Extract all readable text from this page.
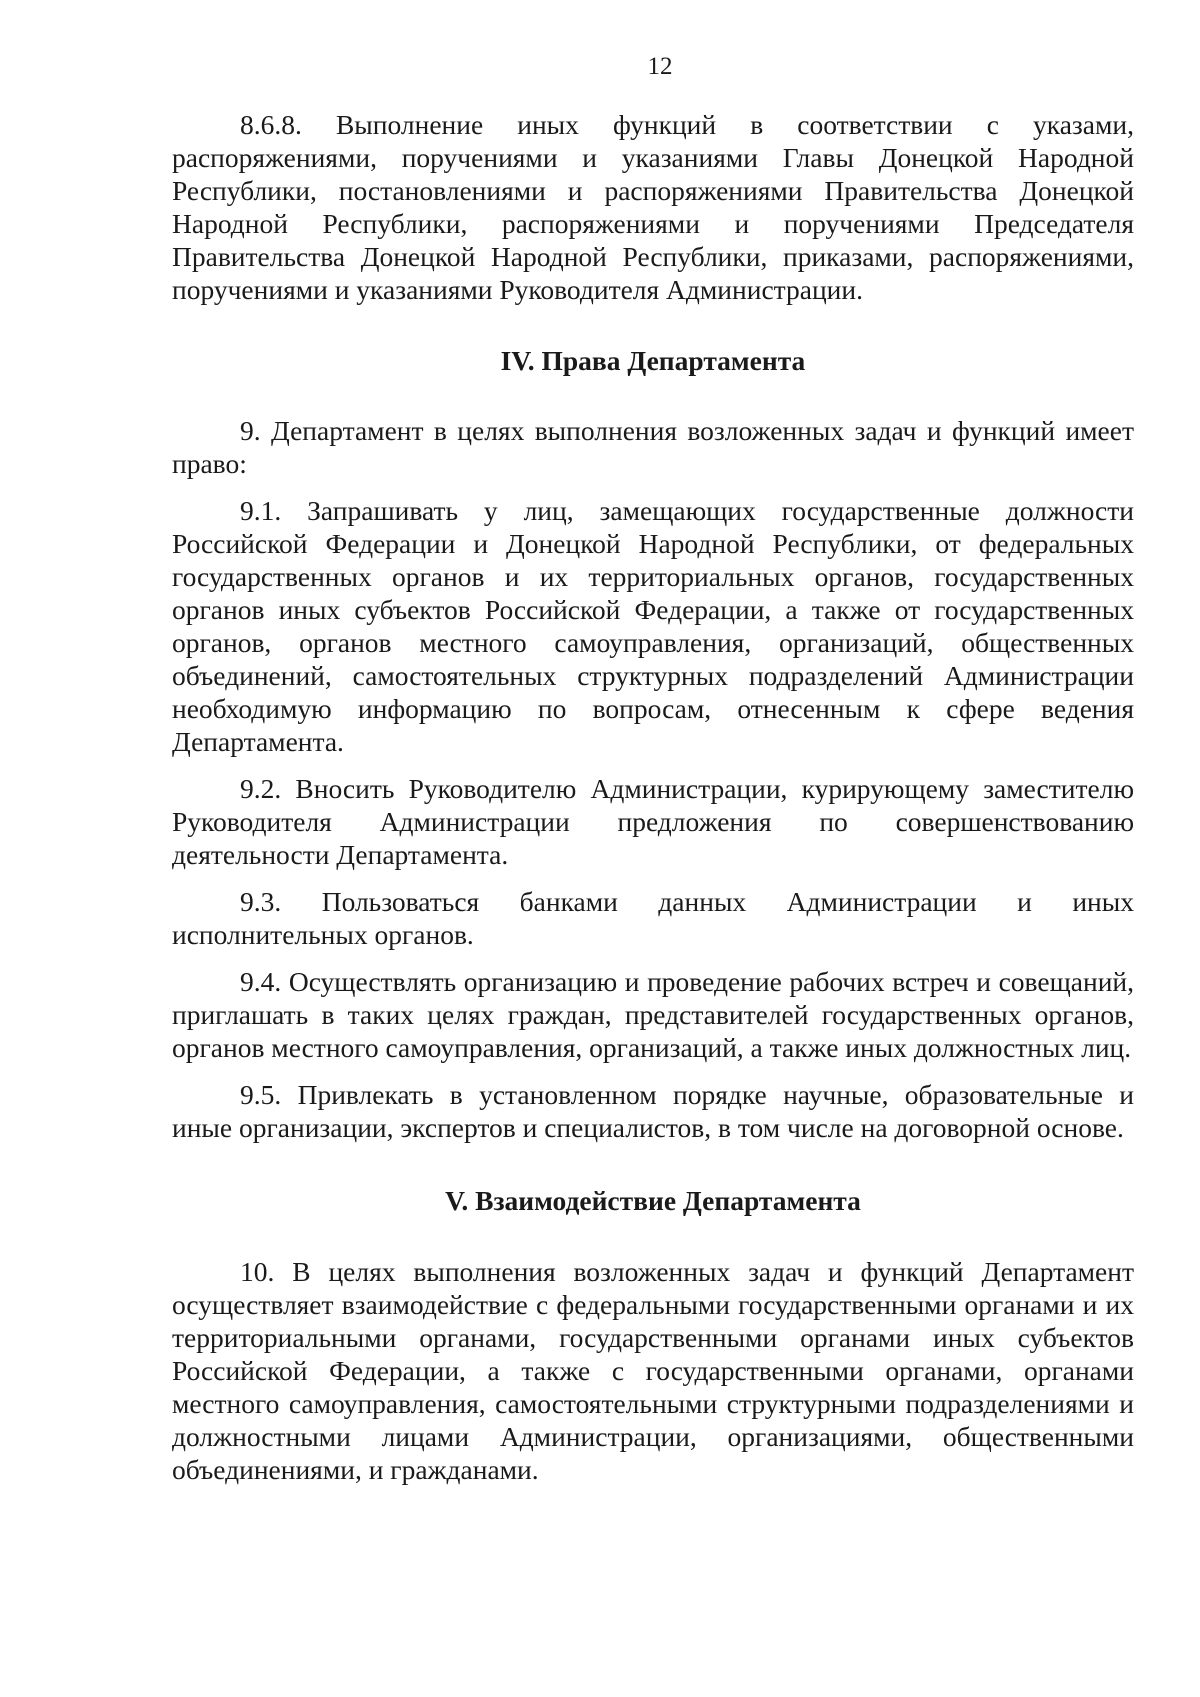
12

8.6.8. Выполнение иных функций в соответствии с указами, распоряжениями, поручениями и указаниями Главы Донецкой Народной Республики, постановлениями и распоряжениями Правительства Донецкой Народной Республики, распоряжениями и поручениями Председателя Правительства Донецкой Народной Республики, приказами, распоряжениями, поручениями и указаниями Руководителя Администрации.

IV. Права Департамента

9. Департамент в целях выполнения возложенных задач и функций имеет право:

9.1. Запрашивать у лиц, замещающих государственные должности Российской Федерации и Донецкой Народной Республики, от федеральных государственных органов и их территориальных органов, государственных органов иных субъектов Российской Федерации, а также от государственных органов, органов местного самоуправления, организаций, общественных объединений, самостоятельных структурных подразделений Администрации необходимую информацию по вопросам, отнесенным к сфере ведения Департамента.

9.2. Вносить Руководителю Администрации, курирующему заместителю Руководителя Администрации предложения по совершенствованию деятельности Департамента.

9.3. Пользоваться банками данных Администрации и иных исполнительных органов.

9.4. Осуществлять организацию и проведение рабочих встреч и совещаний, приглашать в таких целях граждан, представителей государственных органов, органов местного самоуправления, организаций, а также иных должностных лиц.

9.5. Привлекать в установленном порядке научные, образовательные и иные организации, экспертов и специалистов, в том числе на договорной основе.

V. Взаимодействие Департамента

10. В целях выполнения возложенных задач и функций Департамент осуществляет взаимодействие с федеральными государственными органами и их территориальными органами, государственными органами иных субъектов Российской Федерации, а также с государственными органами, органами местного самоуправления, самостоятельными структурными подразделениями и должностными лицами Администрации, организациями, общественными объединениями, и гражданами.
